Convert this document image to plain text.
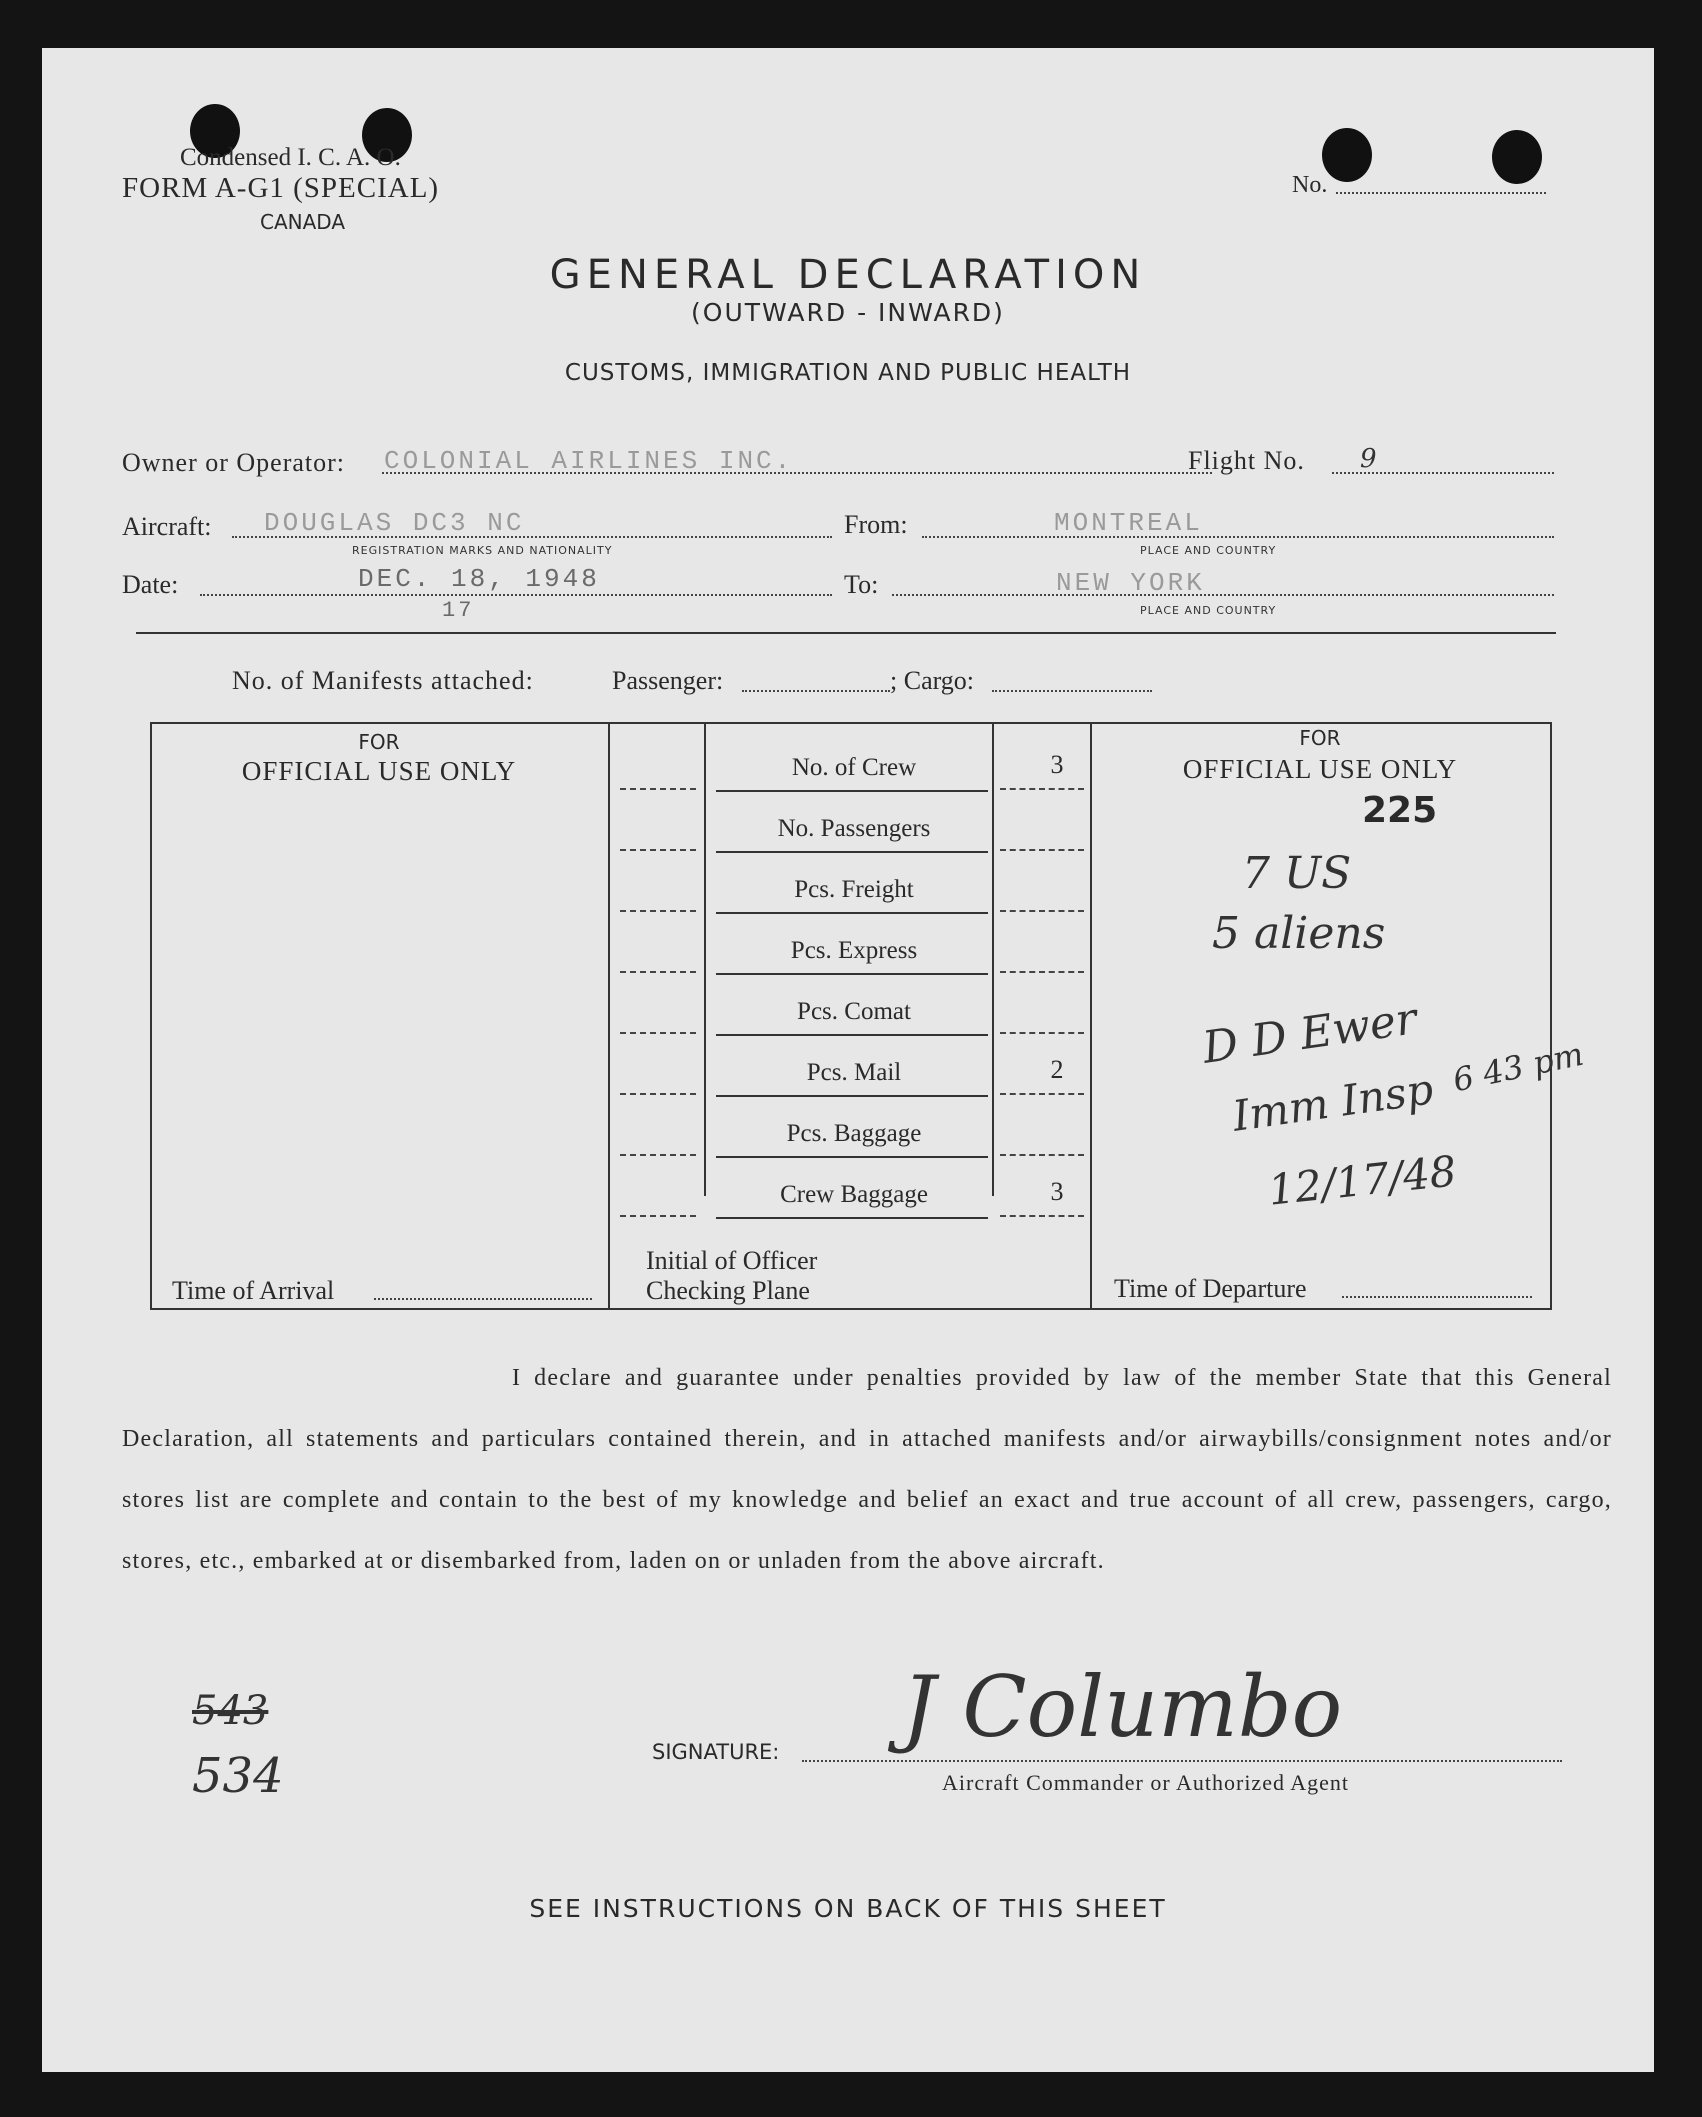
Condensed I. C. A. O.
FORM A-G1 (SPECIAL)
CANADA
No.
GENERAL DECLARATION
(OUTWARD - INWARD)
CUSTOMS, IMMIGRATION AND PUBLIC HEALTH
Owner or Operator: COLONIAL AIRLINES INC.	Flight No. 9
Aircraft: DOUGLAS DC3 NC
REGISTRATION MARKS AND NATIONALITY
From:	MONTREAL
PLACE AND COUNTRY
Date:	DEC. 18, 1948
17
To:	NEW YORK
PLACE AND COUNTRY
No. of Manifests attached:	Passenger:	; Cargo:
FOR
OFFICIAL USE ONLY
Time of Arrival
FOR
OFFICIAL USE ONLY
225
7 US
5 aliens
D D Ewer
Imm Insp
12/17/48
6 43 pm
Time of Departure
Initial of Officer
Checking Plane
I declare and guarantee under penalties provided by law of the member State that this General Declaration, all statements and particulars contained therein, and in attached manifests and/or airwaybills/consignment notes and/or stores list are complete and contain to the best of my knowledge and belief an exact and true account of all crew, passengers, cargo, stores, etc., embarked at or disembarked from, laden on or unladen from the above aircraft.
543
534	SIGNATURE: J Columbo
Aircraft Commander or Authorized Agent
SEE INSTRUCTIONS ON BACK OF THIS SHEET
No. of Crew	3
No. Passengers
Pcs. Freight
Pcs. Express
Pcs. Comat
Pcs. Mail	2
Pcs. Baggage
Crew Baggage	3
